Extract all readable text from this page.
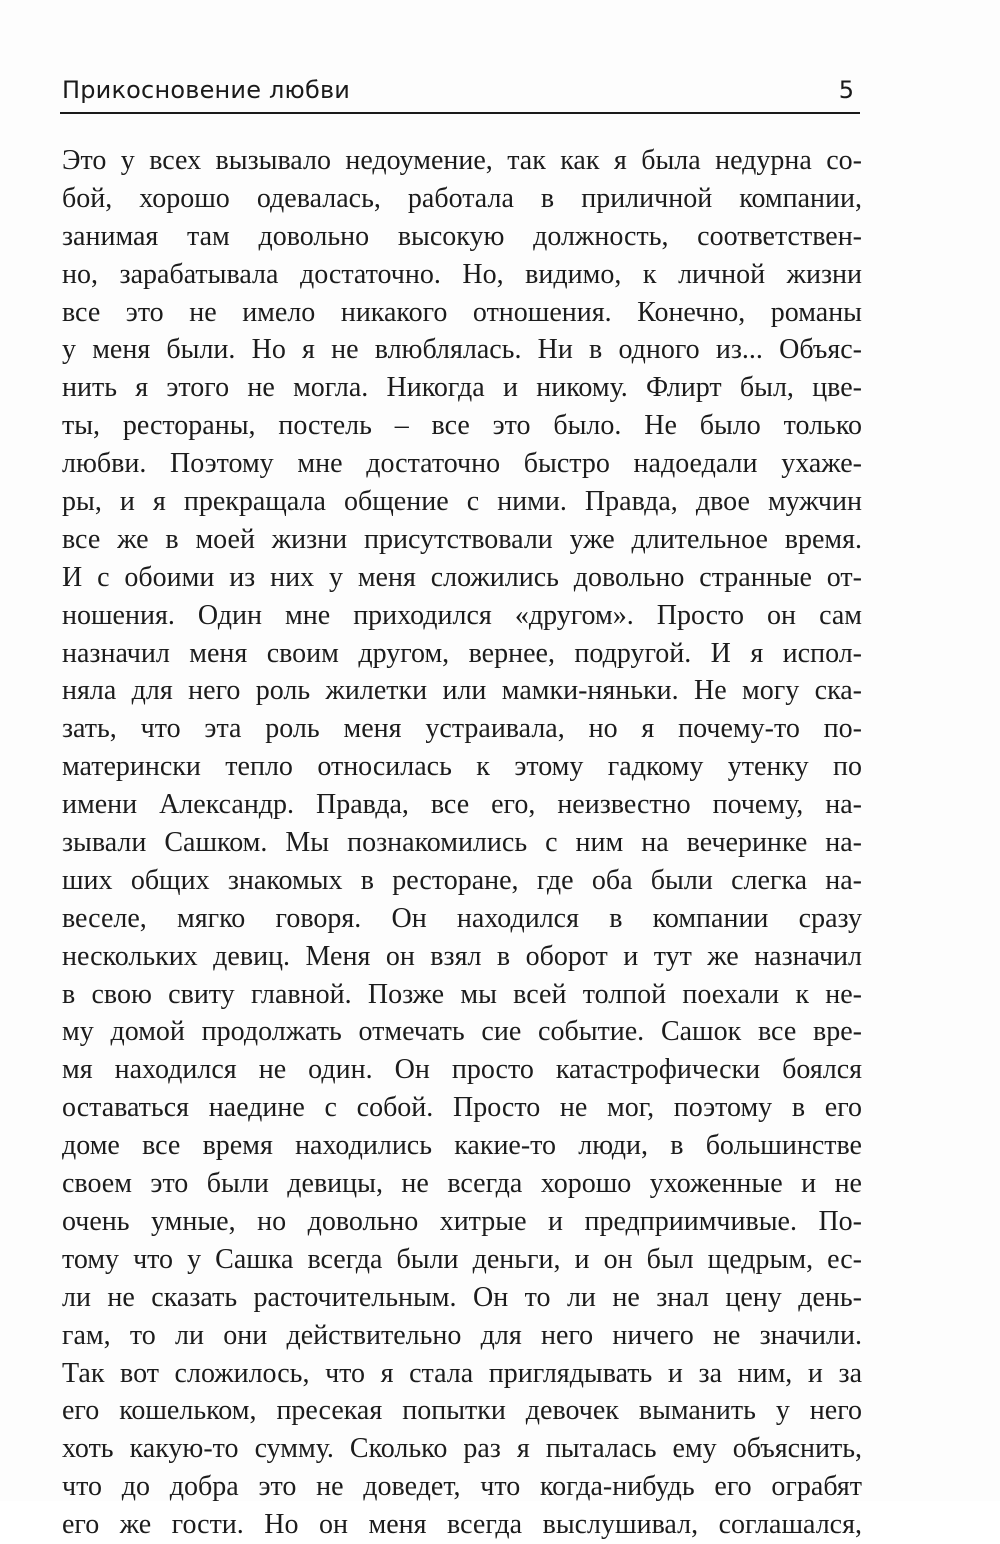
Прикосновение любви	5
Это у всех вызывало недоумение, так как я была недурна со-
бой, хорошо одевалась, работала в приличной компании,
занимая там довольно высокую должность, соответствен-
но, зарабатывала достаточно. Но, видимо, к личной жизни
все это не имело никакого отношения. Конечно, романы
у меня были. Но я не влюблялась. Ни в одного из... Объяс-
нить я этого не могла. Никогда и никому. Флирт был, цве-
ты, рестораны, постель – все это было. Не было только
любви. Поэтому мне достаточно быстро надоедали ухаже-
ры, и я прекращала общение с ними. Правда, двое мужчин
все же в моей жизни присутствовали уже длительное время.
И с обоими из них у меня сложились довольно странные от-
ношения. Один мне приходился «другом». Просто он сам
назначил меня своим другом, вернее, подругой. И я испол-
няла для него роль жилетки или мамки-няньки. Не могу ска-
зать, что эта роль меня устраивала, но я почему-то по-
матерински тепло относилась к этому гадкому утенку по
имени Александр. Правда, все его, неизвестно почему, на-
зывали Сашком. Мы познакомились с ним на вечеринке на-
ших общих знакомых в ресторане, где оба были слегка на-
веселе, мягко говоря. Он находился в компании сразу
нескольких девиц. Меня он взял в оборот и тут же назначил
в свою свиту главной. Позже мы всей толпой поехали к не-
му домой продолжать отмечать сие событие. Сашок все вре-
мя находился не один. Он просто катастрофически боялся
оставаться наедине с собой. Просто не мог, поэтому в его
доме все время находились какие-то люди, в большинстве
своем это были девицы, не всегда хорошо ухоженные и не
очень умные, но довольно хитрые и предприимчивые. По-
тому что у Сашка всегда были деньги, и он был щедрым, ес-
ли не сказать расточительным. Он то ли не знал цену день-
гам, то ли они действительно для него ничего не значили.
Так вот сложилось, что я стала приглядывать и за ним, и за
его кошельком, пресекая попытки девочек выманить у него
хоть какую-то сумму. Сколько раз я пыталась ему объяснить,
что до добра это не доведет, что когда-нибудь его ограбят
его же гости. Но он меня всегда выслушивал, соглашался,
